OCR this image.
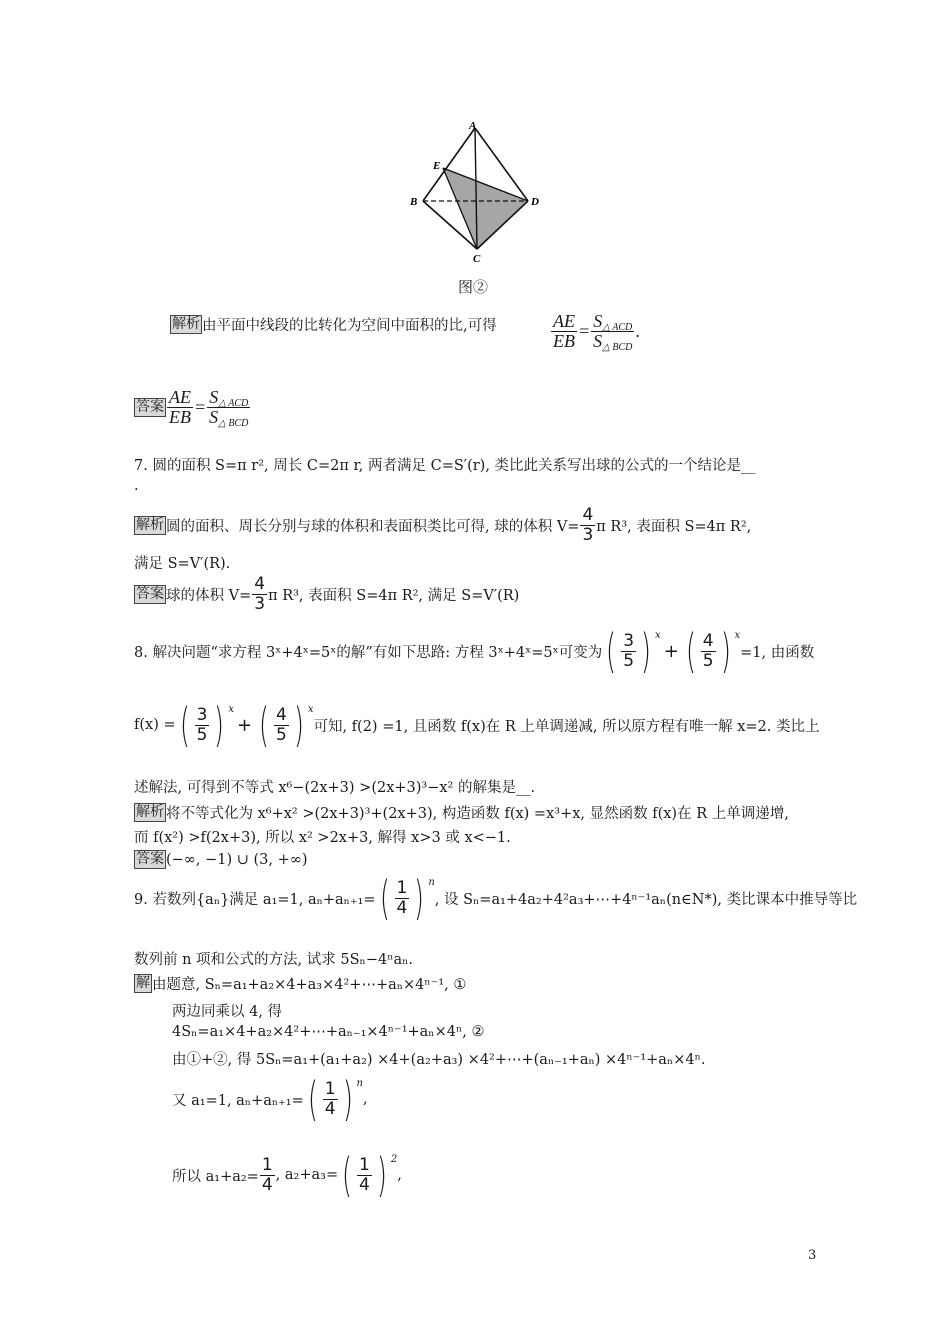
A
E
B	D
C
图②
解析 由平面中线段的比转化为空间中面积的比,可得	$\frac{AE}{EB} = \frac{S_{\triangle ACD}}{S_{\triangle BCD}}$ .
答案 $\frac{AE}{EB} = \frac{S_{\triangle ACD}}{S_{\triangle BCD}}$
7. 圆的面积 S=π r², 周长 C=2π r, 两者满足 C=S′(r), 类比此关系写出球的公式的一个结论是__
.
解析 圆的面积、周长分别与球的体积和表面积类比可得, 球的体积 $V= \frac{4}{3}$ π R³, 表面积 S=4π R²,
满足 S=V′(R).
答案 球的体积 $V= \frac{4}{3}$ π R³, 表面积 S=4π R², 满足 S=V′(R)
8. 解决问题“求方程 3ˣ+4ˣ=5ˣ的解”有如下思路: 方程 3ˣ+4ˣ=5ˣ可变为 ( $\frac{3}{5}$ ) x
+ ( $\frac{4}{5}$ ) x
=1, 由函数
f(x) = ( $\frac{3}{5}$ ) x
+ ( $\frac{4}{5}$ ) x
可知, f(2) =1, 且函数 f(x)在 R 上单调递减, 所以原方程有唯一解 x=2. 类比上
述解法, 可得到不等式 x⁶−(2x+3) >(2x+3)³−x² 的解集是__.
解析 将不等式化为 x⁶+x² >(2x+3)³+(2x+3), 构造函数 f(x) =x³+x, 显然函数 f(x)在 R 上单调递增,
而 f(x²) >f(2x+3), 所以 x² >2x+3, 解得 x>3 或 x<−1.
答案 (−∞, −1) ∪ (3, +∞)
9. 若数列{aₙ}满足 a₁=1, aₙ+aₙ₊₁= ( $\frac{1}{4}$ ) n
, 设 Sₙ=a₁+4a₂+4²a₃+⋯+4ⁿ⁻¹aₙ(n∈N*), 类比课本中推导等比
数列前 n 项和公式的方法, 试求 5Sₙ−4ⁿaₙ.
解 由题意, Sₙ=a₁+a₂×4+a₃×4²+⋯+aₙ×4ⁿ⁻¹, ①
两边同乘以 4, 得
4Sₙ=a₁×4+a₂×4²+⋯+aₙ₋₁×4ⁿ⁻¹+aₙ×4ⁿ, ②
由①+②, 得 5Sₙ=a₁+(a₁+a₂) ×4+(a₂+a₃) ×4²+⋯+(aₙ₋₁+aₙ) ×4ⁿ⁻¹+aₙ×4ⁿ.
又 a₁=1, aₙ+aₙ₊₁= ( $\frac{1}{4}$ ) n
,
所以 $a_1+a_2= \frac{1}{4}$ , a₂+a₃= ( $\frac{1}{4}$ ) 2
,
3
